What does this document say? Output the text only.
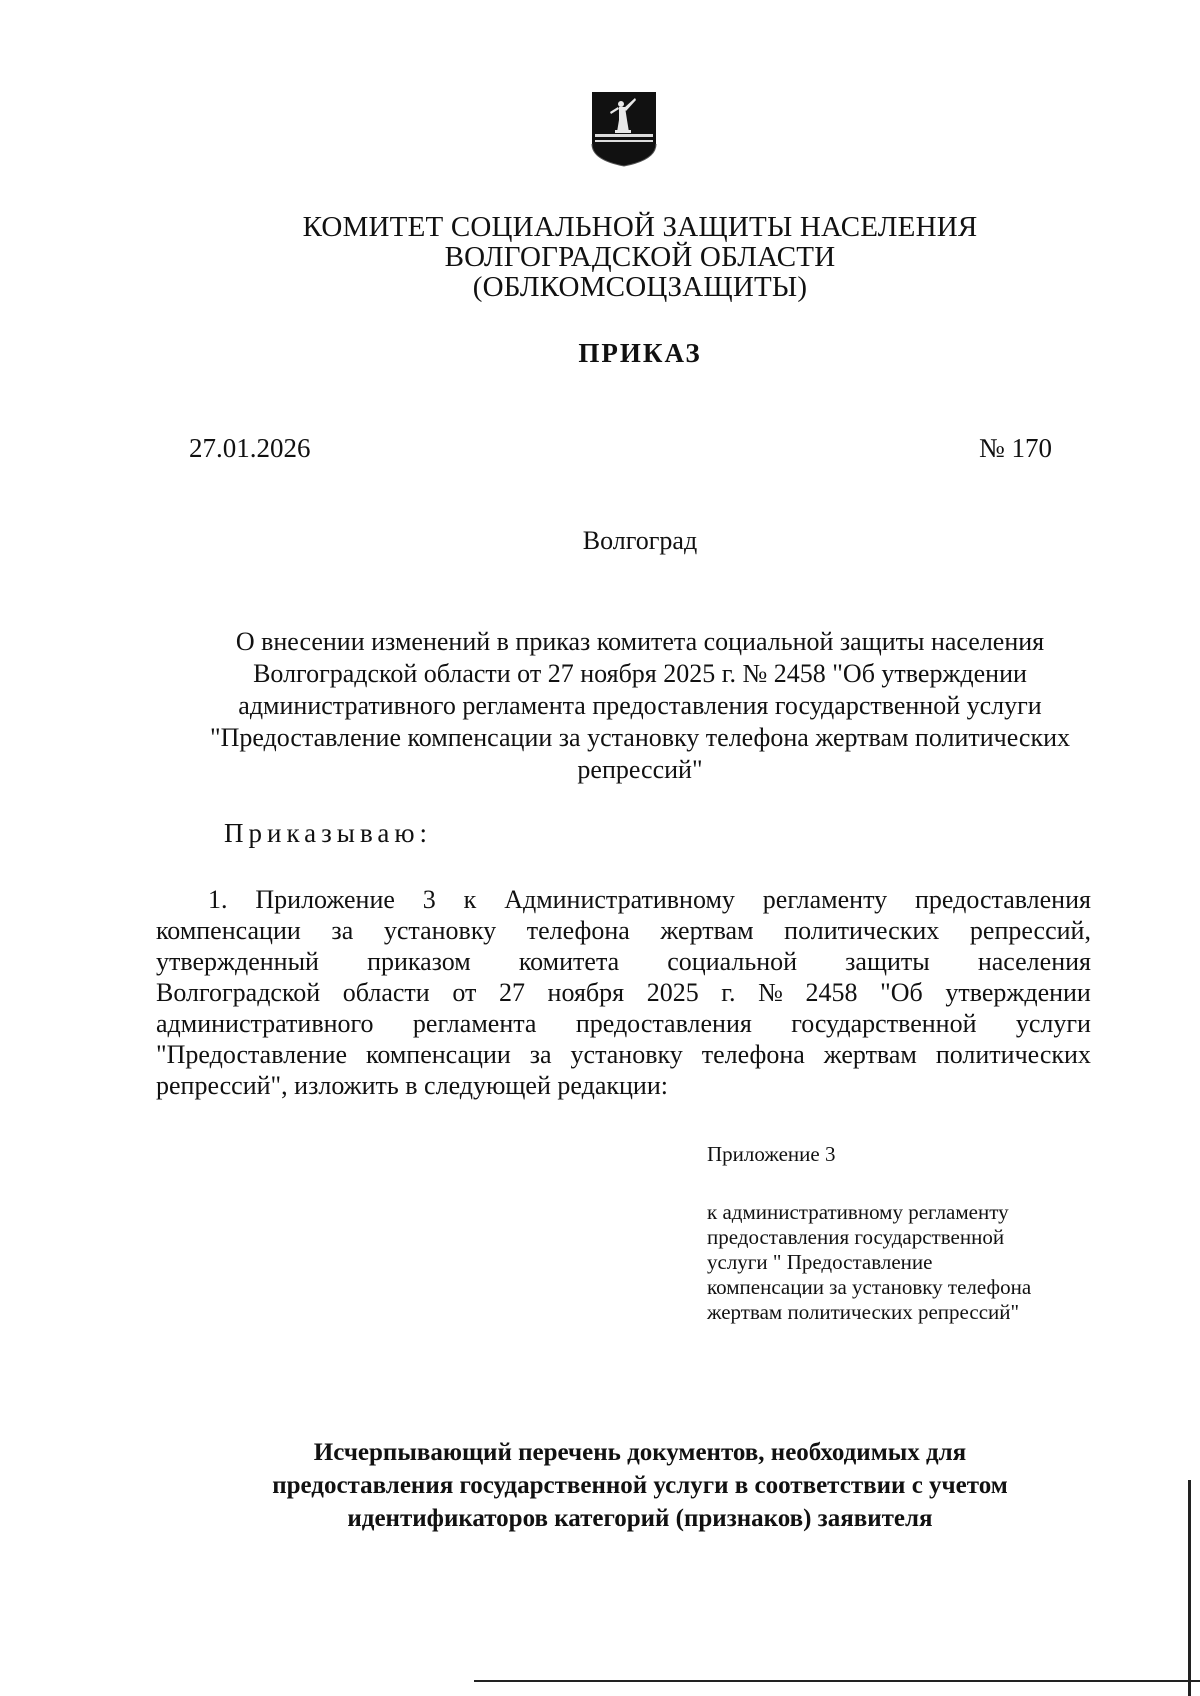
КОМИТЕТ СОЦИАЛЬНОЙ ЗАЩИТЫ НАСЕЛЕНИЯ
ВОЛГОГРАДСКОЙ ОБЛАСТИ
(ОБЛКОМСОЦЗАЩИТЫ)
ПРИКАЗ
27.01.2026	№ 170
Волгоград
О внесении изменений в приказ комитета социальной защиты населения
Волгоградской области от 27 ноября 2025 г. № 2458 "Об утверждении
административного регламента предоставления государственной услуги
"Предоставление компенсации за установку телефона жертвам политических
репрессий"
Приказываю:
1. Приложение 3 к Административному регламенту предоставления
компенсации за установку телефона жертвам политических репрессий,
утвержденный приказом комитета социальной защиты населения
Волгоградской области от 27 ноября 2025 г. № 2458 "Об утверждении
административного регламента предоставления государственной услуги
"Предоставление компенсации за установку телефона жертвам политических
репрессий", изложить в следующей редакции:
Приложение 3
к административному регламенту
предоставления государственной
услуги " Предоставление
компенсации за установку телефона
жертвам политических репрессий"
Исчерпывающий перечень документов, необходимых для
предоставления государственной услуги в соответствии с учетом
идентификаторов категорий (признаков) заявителя
